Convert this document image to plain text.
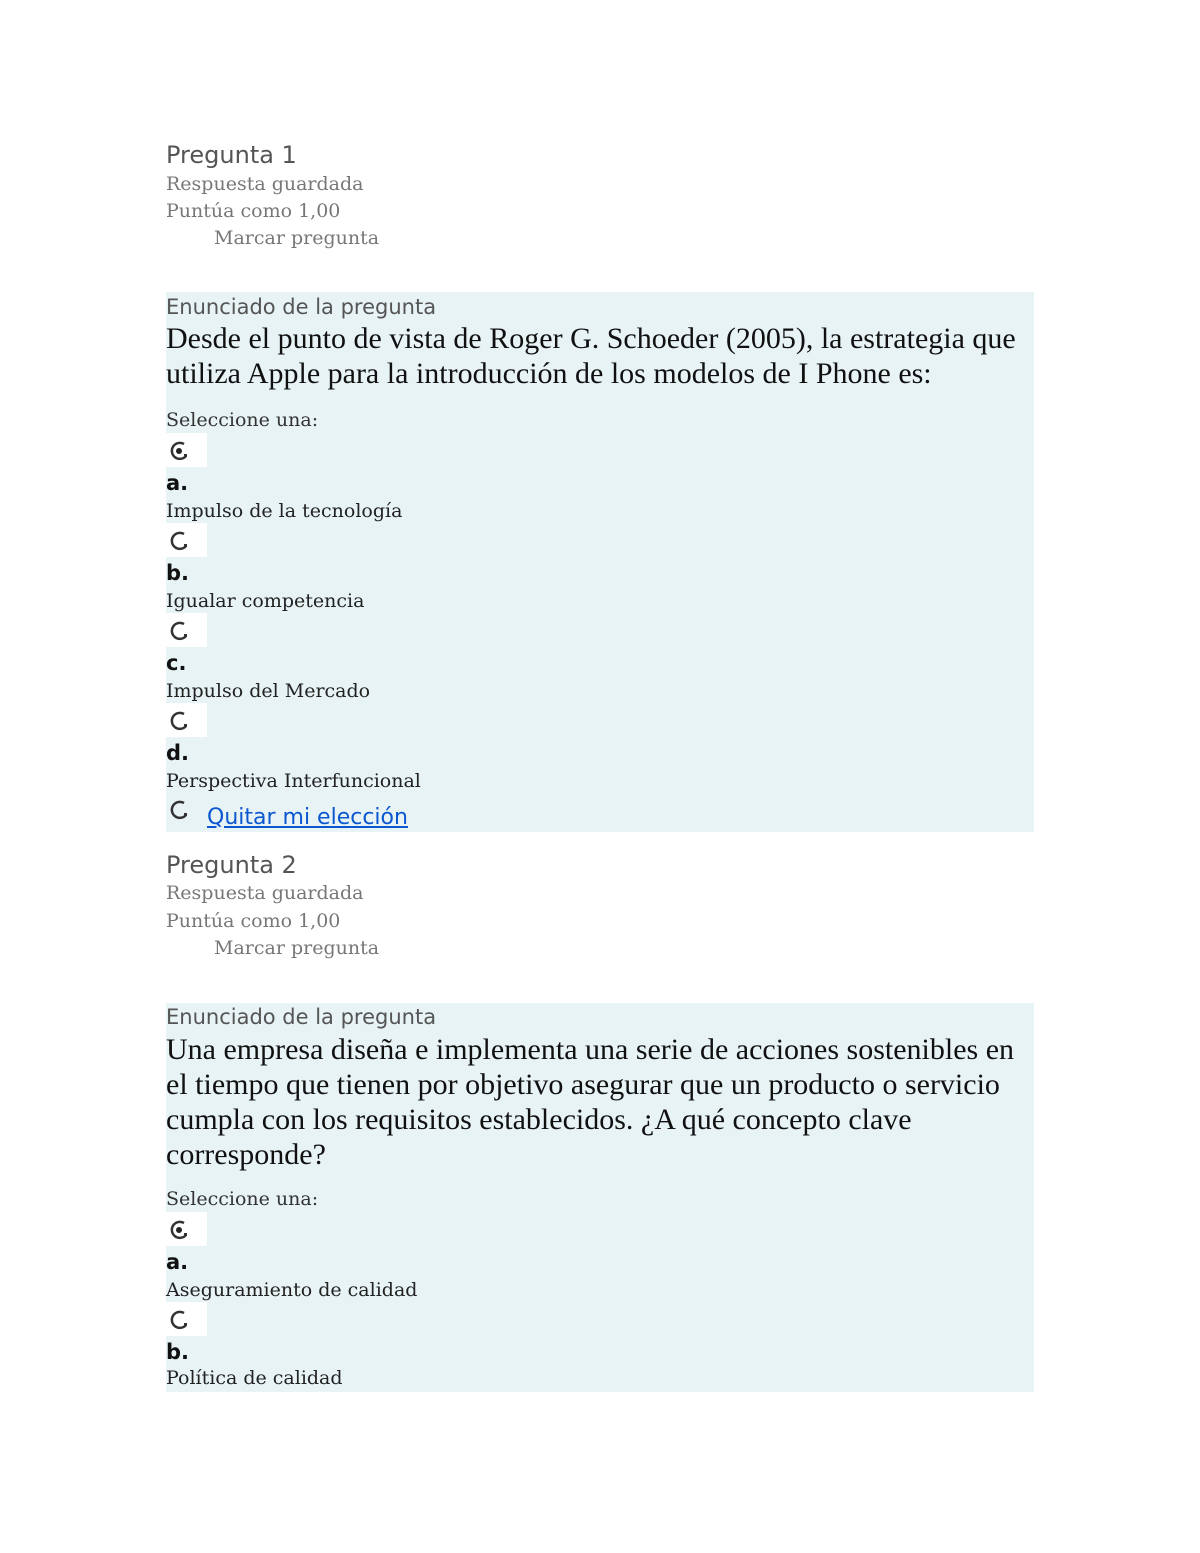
Pregunta 1
Respuesta guardada
Puntúa como 1,00
Marcar pregunta
Enunciado de la pregunta
Desde el punto de vista de Roger G. Schoeder (2005), la estrategia que utiliza Apple para la introducción de los modelos de I Phone es:
Seleccione una:
a.
Impulso de la tecnología
b.
Igualar competencia
c.
Impulso del Mercado
d.
Perspectiva Interfuncional
Quitar mi elección
Pregunta 2
Respuesta guardada
Puntúa como 1,00
Marcar pregunta
Enunciado de la pregunta
Una empresa diseña e implementa una serie de acciones sostenibles en el tiempo que tienen por objetivo asegurar que un producto o servicio cumpla con los requisitos establecidos. ¿A qué concepto clave corresponde?
Seleccione una:
a.
Aseguramiento de calidad
b.
Política de calidad
